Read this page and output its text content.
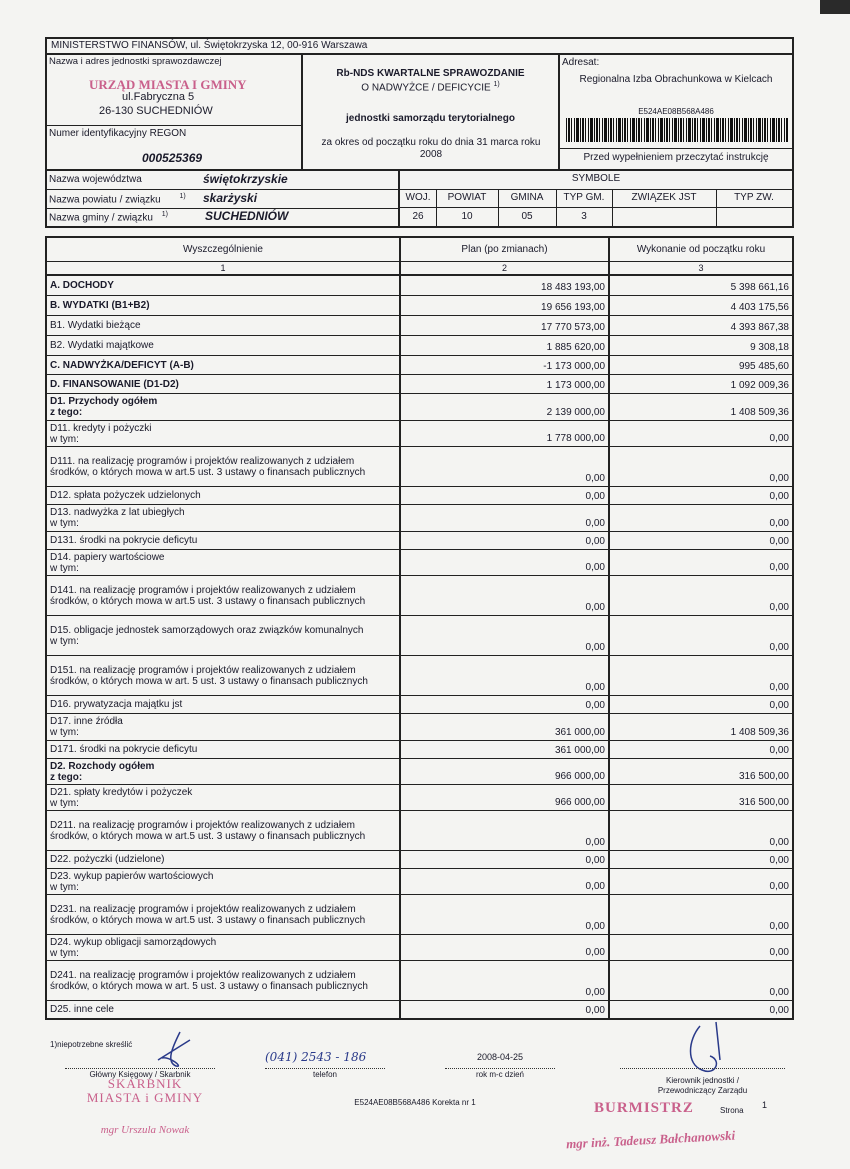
MINISTERSTWO FINANSÓW, ul. Świętokrzyska 12, 00-916 Warszawa
Nazwa i adres jednostki sprawozdawczej
URZĄD MIASTA I GMINY
ul.Fabryczna 5
26-130 SUCHEDNIÓW
Numer identyfikacyjny REGON
000525369
Rb-NDS KWARTALNE SPRAWOZDANIE
O NADWYŻCE / DEFICYCIE $^{1)}$
jednostki samorządu terytorialnego
za okres od początku roku do dnia 31 marca roku 2008
Adresat:
Regionalna Izba Obrachunkowa w Kielcach
E524AE08B568A486
Przed wypełnieniem przeczytać instrukcję
Nazwa województwa	świętokrzyskie
Nazwa powiatu / związku	$^{1)}$ skarżyski
Nazwa gminy / związku $^{1)}$	SUCHEDNIÓW
SYMBOLE
WOJ.	POWIAT	GMINA	TYP GM.	ZWIĄZEK JST	TYP ZW.
26	10	05	3
Wyszczególnienie	Plan (po zmianach)	Wykonanie od początku roku
1	2	3
A. DOCHODY	18 483 193,00	5 398 661,16
B. WYDATKI (B1+B2)	19 656 193,00	4 403 175,56
B1. Wydatki bieżące	17 770 573,00	4 393 867,38
B2. Wydatki majątkowe	1 885 620,00	9 308,18
C. NADWYŻKA/DEFICYT (A-B)	-1 173 000,00	995 485,60
D. FINANSOWANIE (D1-D2)	1 173 000,00	1 092 009,36
D1. Przychody ogółem
z tego:	2 139 000,00	1 408 509,36
D11. kredyty i pożyczki
w tym:	1 778 000,00	0,00
D111. na realizację programów i projektów realizowanych z udziałem środków, o których mowa w art.5 ust. 3 ustawy o finansach publicznych
0,00	0,00
D12. spłata pożyczek udzielonych	0,00	0,00
D13. nadwyżka z lat ubiegłych
w tym:	0,00	0,00
D131. środki na pokrycie deficytu	0,00	0,00
D14. papiery wartościowe
w tym:	0,00	0,00
D141. na realizację programów i projektów realizowanych z udziałem środków, o których mowa w art.5 ust. 3 ustawy o finansach publicznych
0,00	0,00
D15. obligacje jednostek samorządowych oraz związków komunalnych
w tym:
0,00	0,00
D151. na realizację programów i projektów realizowanych z udziałem środków, o których mowa w art. 5 ust. 3 ustawy o finansach publicznych
0,00	0,00
D16. prywatyzacja majątku jst	0,00	0,00
D17. inne źródła
w tym:	361 000,00	1 408 509,36
D171. środki na pokrycie deficytu	361 000,00	0,00
D2. Rozchody ogółem
z tego:	966 000,00	316 500,00
D21. spłaty kredytów i pożyczek
w tym:	966 000,00	316 500,00
D211. na realizację programów i projektów realizowanych z udziałem środków, o których mowa w art.5 ust. 3 ustawy o finansach publicznych
0,00	0,00
D22. pożyczki (udzielone)	0,00	0,00
D23. wykup papierów wartościowych
w tym:	0,00	0,00
D231. na realizację programów i projektów realizowanych z udziałem środków, o których mowa w art.5 ust. 3 ustawy o finansach publicznych
0,00	0,00
D24. wykup obligacji samorządowych
w tym:	0,00	0,00
D241. na realizację programów i projektów realizowanych z udziałem środków, o których mowa w art. 5 ust. 3 ustawy o finansach publicznych
0,00	0,00
D25. inne cele	0,00	0,00
1)niepotrzebne skreślić
Główny Księgowy / Skarbnik
SKARBNIK
MIASTA i GMINY
mgr Urszula Nowak
(041) 2543 - 186
telefon
2008-04-25
rok m-c dzień
E524AE08B568A486 Korekta nr 1
Kierownik jednostki /
Przewodniczący Zarządu
BURMISTRZ	Strona
1
mgr inż. Tadeusz Bałchanowski
